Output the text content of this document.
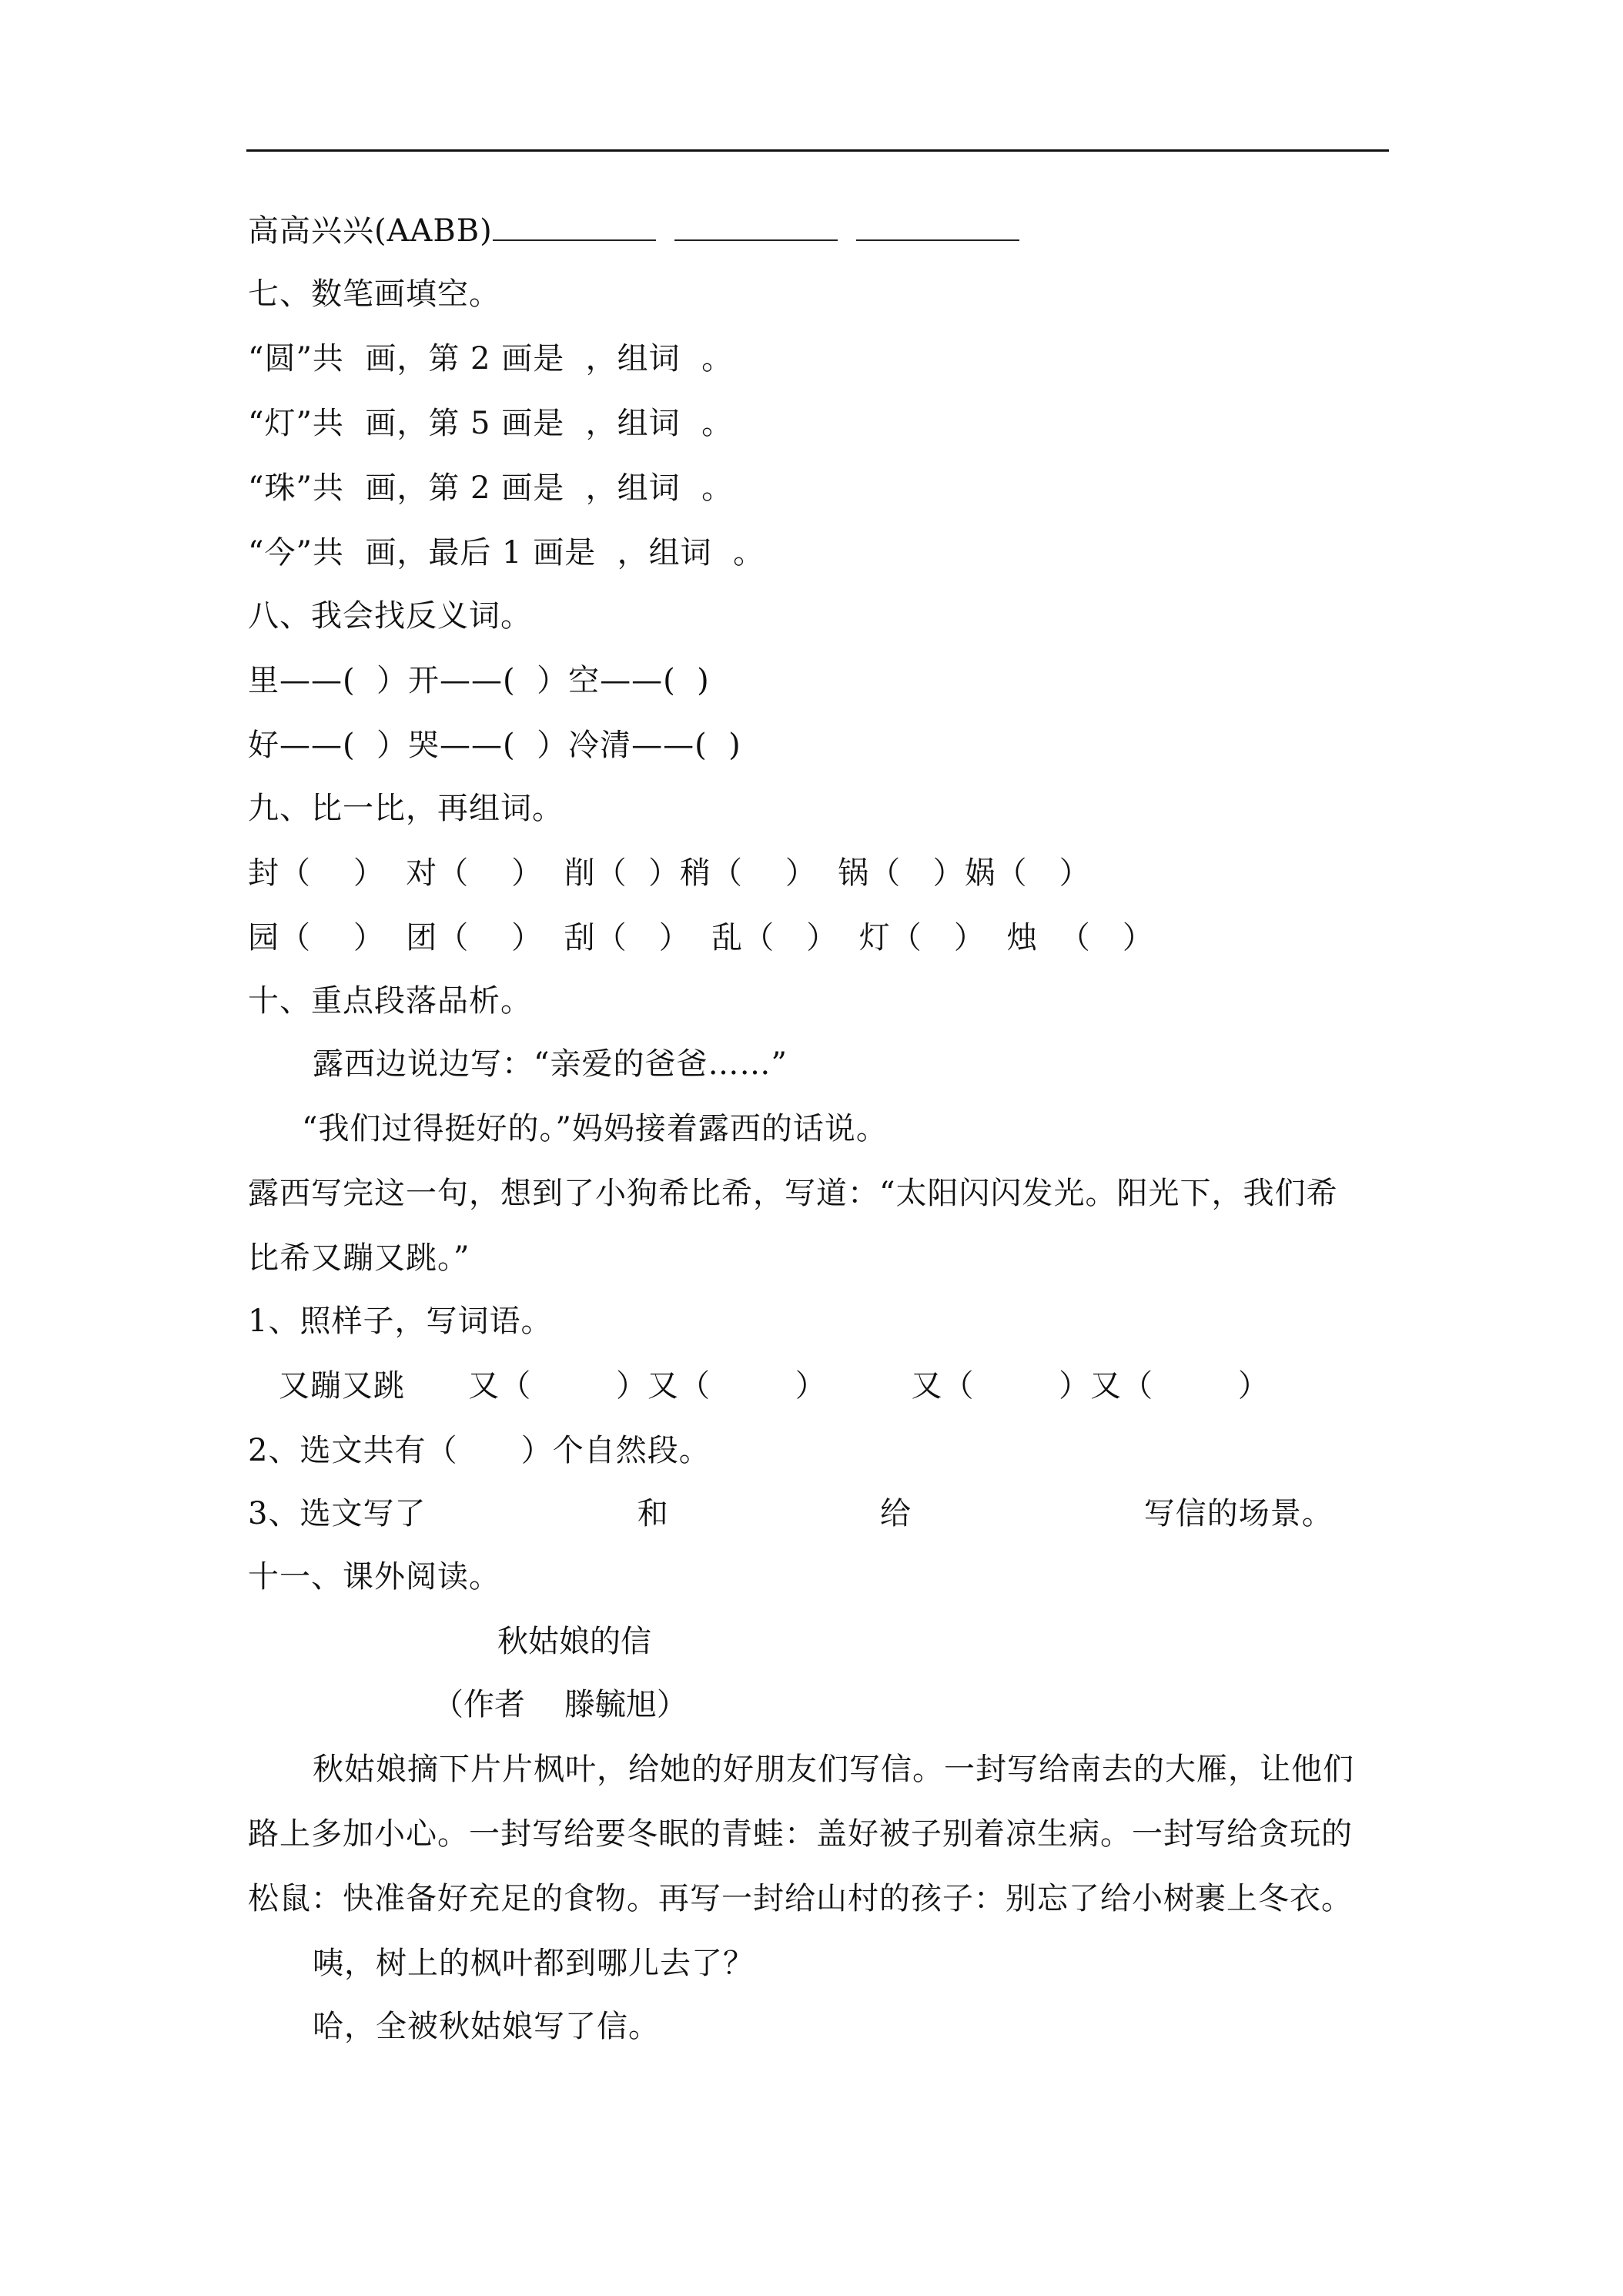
高高兴兴(AABB)
七、数笔画填空。
“圆”共  画，第 2 画是  ，组词  。
“灯”共  画，第 5 画是  ，组词  。
“珠”共  画，第 2 画是  ，组词  。
“今”共  画，最后 1 画是  ，组词  。
八、我会找反义词。
里——(  ）开——(  ）空——(  )
好——(  ）哭——(  ）冷清——(  )
九、比一比，再组词。
封（    ）  对（    ）  削（  ）稍（    ）  锅（   ）娲（   ）
园（    ）  团（    ）  刮（   ）  乱（   ）  灯（   ）  烛  （   ）
十、重点段落品析。
露西边说边写：“亲爱的爸爸……”
“我们过得挺好的。”妈妈接着露西的话说。
露西写完这一句，想到了小狗希比希，写道：“太阳闪闪发光。阳光下，我们希
比希又蹦又跳。”
1、照样子，写词语。
又蹦又跳      又（        ）又（        ）        又（        ）又（        ）
2、选文共有（      ）个自然段。
3、选文写了                    和                    给                      写信的场景。
十一、课外阅读。
秋姑娘的信
（作者    滕毓旭）
秋姑娘摘下片片枫叶，给她的好朋友们写信。一封写给南去的大雁，让他们
路上多加小心。一封写给要冬眠的青蛙：盖好被子别着凉生病。一封写给贪玩的
松鼠：快准备好充足的食物。再写一封给山村的孩子：别忘了给小树裹上冬衣。
咦，树上的枫叶都到哪儿去了？
哈，全被秋姑娘写了信。
